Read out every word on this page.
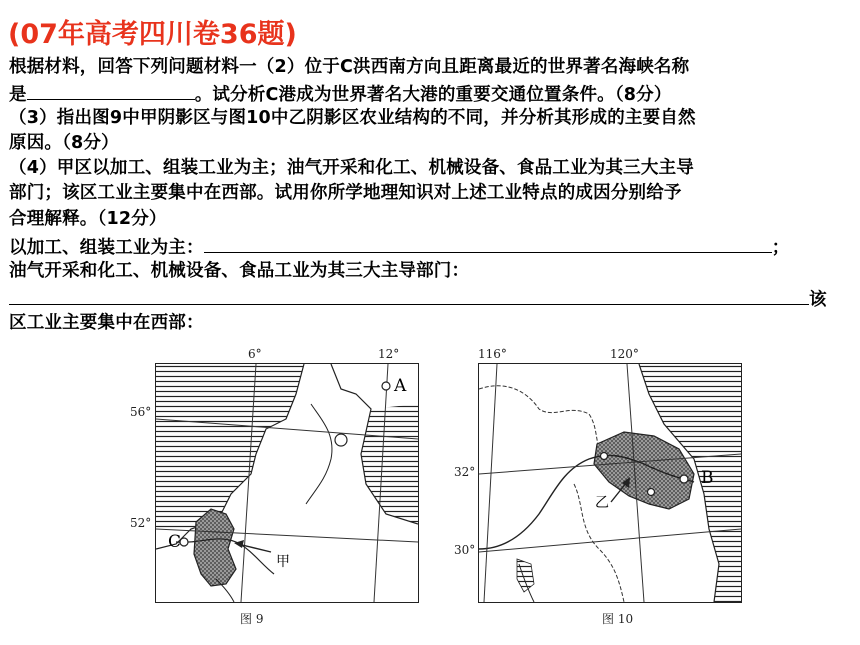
(07年高考四川卷36题)
根据材料，回答下列问题材料一（2）位于C洪西南方向且距离最近的世界著名海峡名称
是	。试分析C港成为世界著名大港的重要交通位置条件。（8分）
（3）指出图9中甲阴影区与图10中乙阴影区农业结构的不同，并分析其形成的主要自然
原因。（8分）
（4）甲区以加工、组装工业为主；油气开采和化工、机械设备、食品工业为其三大主导
部门；该区工业主要集中在西部。试用你所学地理知识对上述工业特点的成因分别给予
合理解释。（12分）
以加工、组装工业为主：	；
油气开采和化工、机械设备、食品工业为其三大主导部门：
该
区工业主要集中在西部：
A
C
甲
6°	12°
56°
52°
图 9
B
乙
116°	120°
32°
30°
图 10
